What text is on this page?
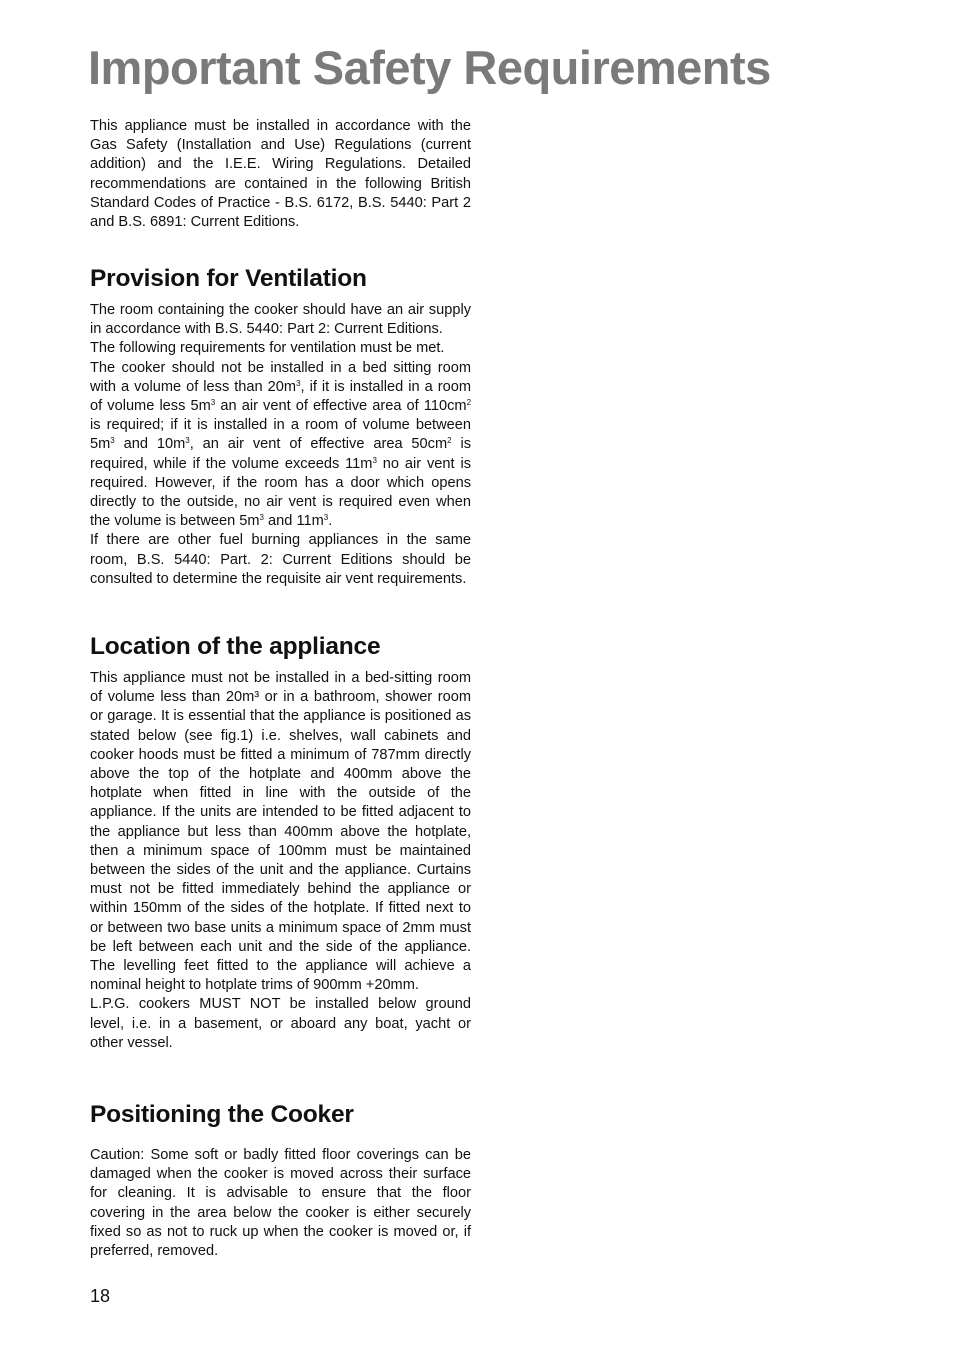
Important Safety Requirements

This appliance must be installed in accordance with the Gas Safety (Installation and Use) Regulations (current addition) and the I.E.E. Wiring Regulations. Detailed recommendations are contained in the following British Standard Codes of Practice - B.S. 6172, B.S. 5440: Part 2 and B.S. 6891: Current Editions.

Provision for Ventilation

The room containing the cooker should have an air supply in accordance with B.S. 5440: Part 2: Current Editions.

The following requirements for ventilation must be met.

The cooker should not be installed in a bed sitting room with a volume of less than $20m^3$, if it is installed in a room of volume less $5m^3$ an air vent of effective area of $110cm^2$ is required; if it is installed in a room of volume between $5m^3$ and $10m^3$, an air vent of effective area $50cm^2$ is required, while if the volume exceeds $11m^3$ no air vent is required. However, if the room has a door which opens directly to the outside, no air vent is required even when the volume is between $5m^3$ and $11m^3$.

If there are other fuel burning appliances in the same room, B.S. 5440: Part. 2: Current Editions should be consulted to determine the requisite air vent requirements.

Location of the appliance

This appliance must not be installed in a bed-sitting room of volume less than 20m³ or in a bathroom, shower room or garage. It is essential that the appliance is positioned as stated below (see fig.1) i.e. shelves, wall cabinets and cooker hoods must be fitted a minimum of 787mm directly above the top of the hotplate and 400mm above the hotplate when fitted in line with the outside of the appliance. If the units are intended to be fitted adjacent to the appliance but less than 400mm above the hotplate, then a minimum space of 100mm must be maintained between the sides of the unit and the appliance. Curtains must not be fitted immediately behind the appliance or within 150mm of the sides of the hotplate. If fitted next to or between two base units a minimum space of 2mm must be left between each unit and the side of the appliance. The levelling feet fitted to the appliance will achieve a nominal height to hotplate trims of 900mm +20mm.

L.P.G. cookers MUST NOT be installed below ground level, i.e. in a basement, or aboard any boat, yacht or other vessel.

Positioning the Cooker

Caution: Some soft or badly fitted floor coverings can be damaged when the cooker is moved across their surface for cleaning. It is advisable to ensure that the floor covering in the area below the cooker is either securely fixed so as not to ruck up when the cooker is moved or, if preferred, removed.

18
